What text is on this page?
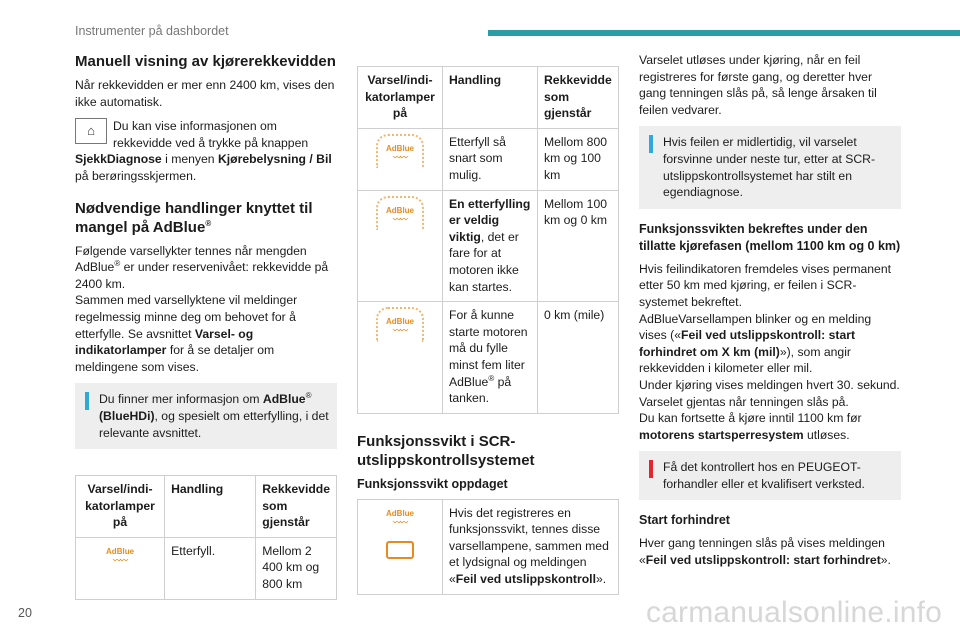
Instrumenter på dashbordet
Manuell visning av kjørerekkevidden

Når rekkevidden er mer enn 2400 km, vises den ikke automatisk.

⌂	Du kan vise informasjonen om rekkevidde ved å trykke på knappen SjekkDiagnose i menyen Kjørebelysning / Bil på berøringsskjermen.

Nødvendige handlinger knyttet til mangel på AdBlue®

Følgende varsellykter tennes når mengden AdBlue® er under reservenivået: rekkevidde på 2400 km.
Sammen med varsellyktene vil meldinger regelmessig minne deg om behovet for å etterfylle. Se avsnittet Varsel- og indikatorlamper for å se detaljer om meldingene som vises.

Du finner mer informasjon om AdBlue® (BlueHDi), og spesielt om etterfylling, i det relevante avsnittet.
Varsel/indi-katorlamper på	Handling	Rekkevidde som gjenstår
AdBlue
〰〰	Etterfyll.	Mellom 2 400 km og 800 km
Varsel/indi-katorlamper på	Handling	Rekkevidde som gjenstår
AdBlue
〰〰	Etterfyll så snart som mulig.	Mellom 800 km og 100 km
AdBlue
〰〰	En etterfylling er veldig viktig, det er fare for at motoren ikke kan startes.	Mellom 100 km og 0 km
AdBlue
〰〰	For å kunne starte motoren må du fylle minst fem liter AdBlue® på tanken.	0 km (mile)
Funksjonssvikt i SCR-utslippskontrollsystemet
Funksjonssvikt oppdaget
AdBlue
〰〰

	Hvis det registreres en funksjonssvikt, tennes disse varsellampene, sammen med et lydsignal og meldingen «Feil ved utslippskontroll».

Varselet utløses under kjøring, når en feil registreres for første gang, og deretter hver gang tenningen slås på, så lenge årsaken til feilen vedvarer.

Hvis feilen er midlertidig, vil varselet forsvinne under neste tur, etter at SCR-utslippskontrollsystemet har stilt en egendiagnose.
Funksjonssvikten bekreftes under den tillatte kjørefasen (mellom 1100 km og 0 km)

Hvis feilindikatoren fremdeles vises permanent etter 50 km med kjøring, er feilen i SCR-systemet bekreftet.
AdBlueVarsellampen blinker og en melding vises («Feil ved utslippskontroll: start forhindret om X km (mil)»), som angir rekkevidden i kilometer eller mil.
Under kjøring vises meldingen hvert 30. sekund. Varselet gjentas når tenningen slås på.
Du kan fortsette å kjøre inntil 1100 km før motorens startsperresystem utløses.

Få det kontrollert hos en PEUGEOT-forhandler eller et kvalifisert verksted.
Start forhindret

Hver gang tenningen slås på vises meldingen «Feil ved utslippskontroll: start forhindret».

20	carmanualsonline.info
